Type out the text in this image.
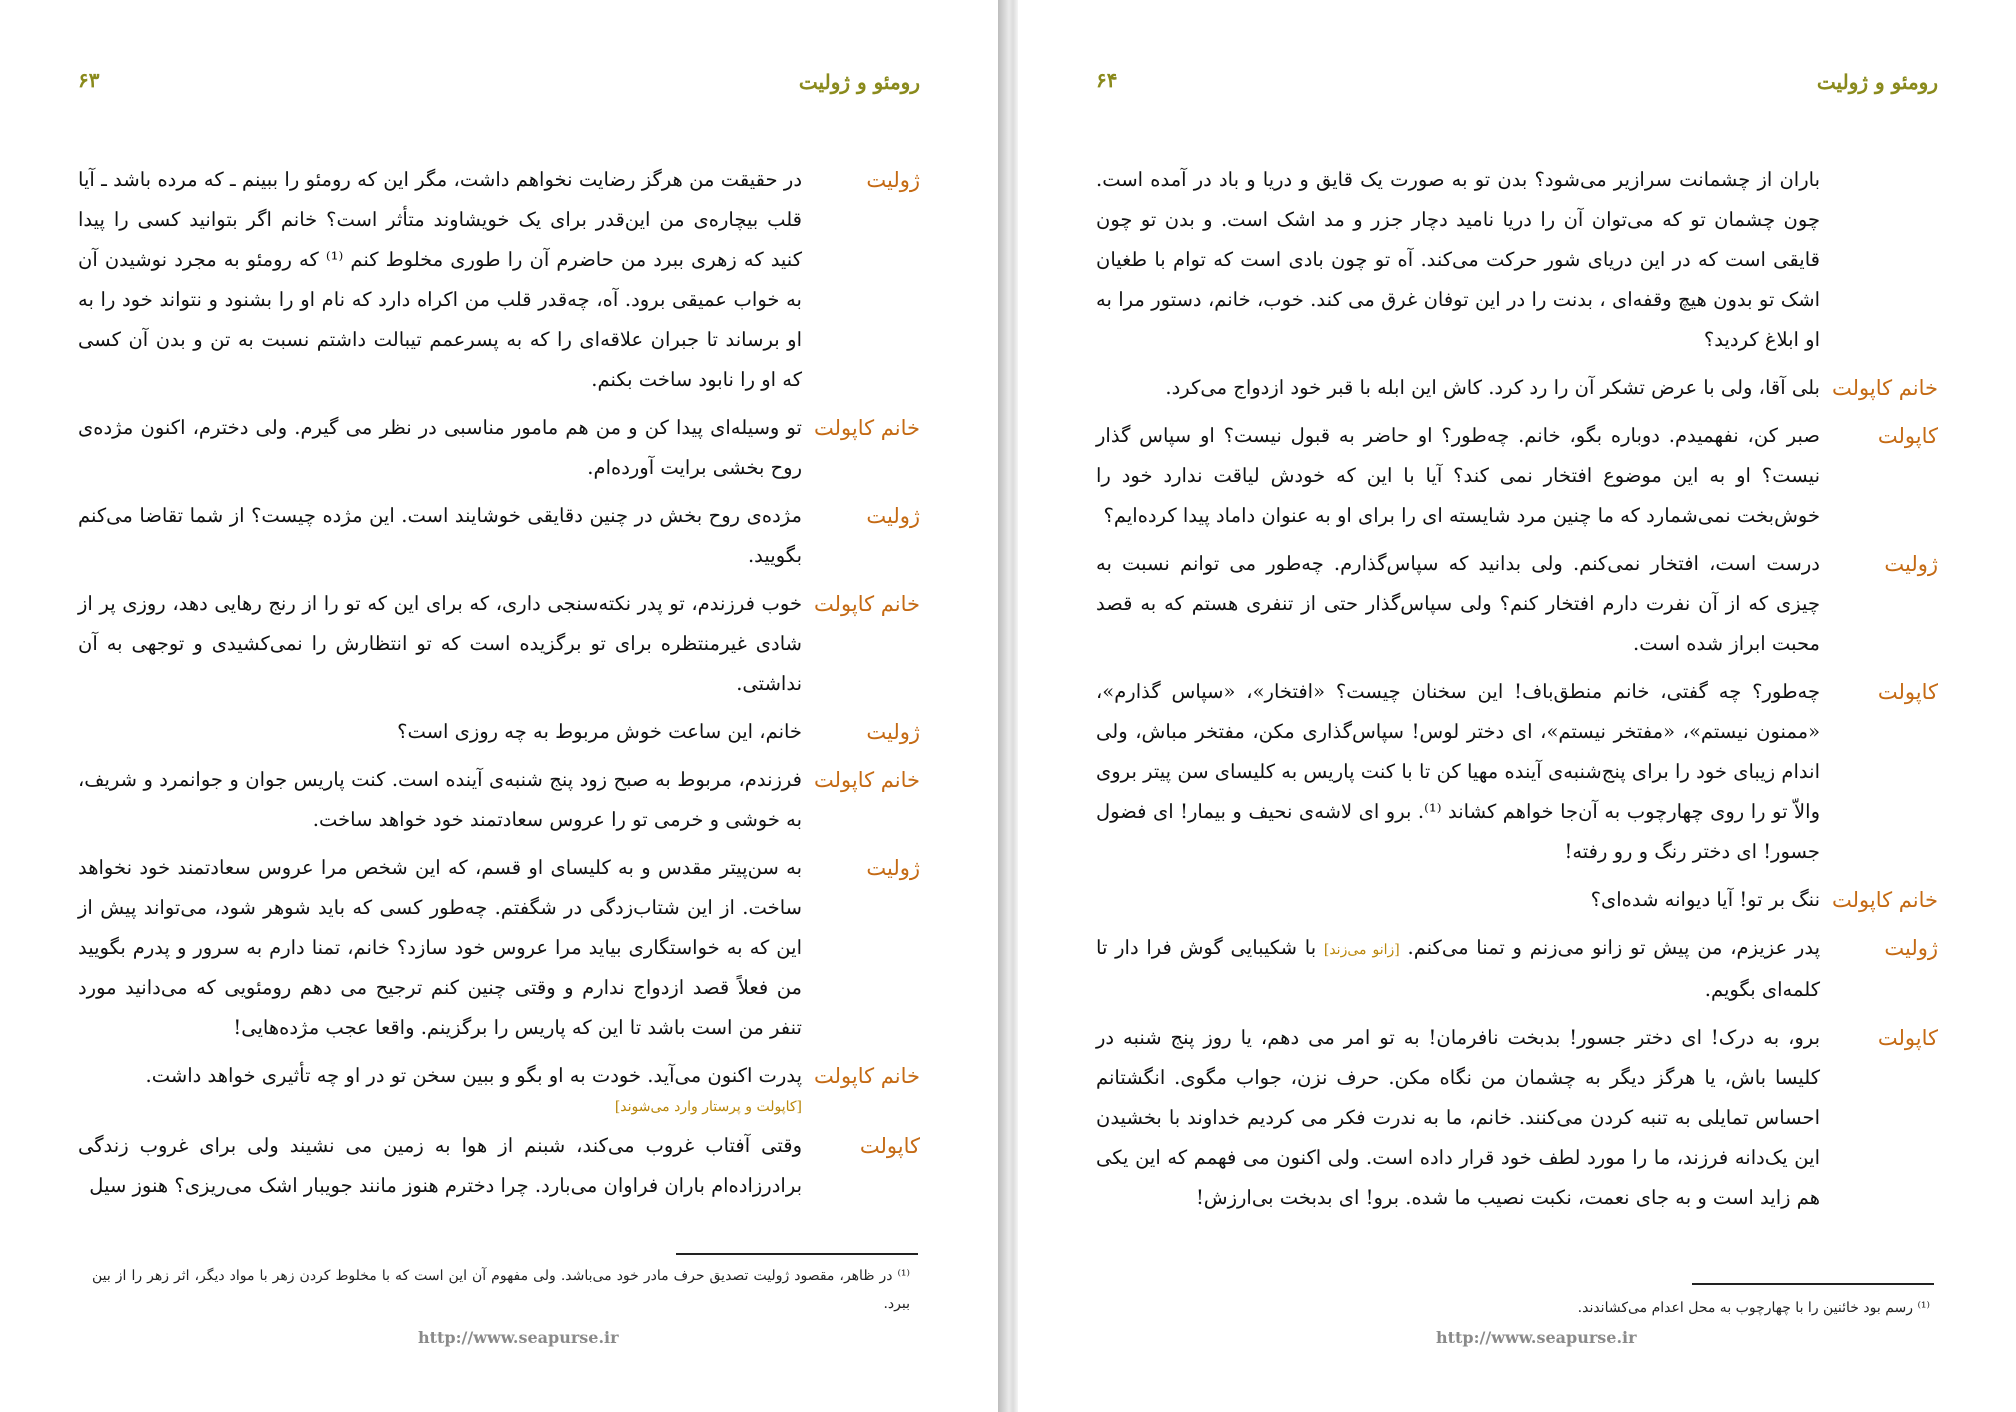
رومئو و ژولیت
۶۳
ژولیت
در حقیقت من هرگز رضایت نخواهم داشت، مگر این که رومئو را ببینم ـ که مرده باشد ـ آیا قلب بیچاره‌ی من این‌قدر برای یک خویشاوند متأثر است؟ خانم اگر بتوانید کسی را پیدا کنید که زهری ببرد من حاضرم آن را طوری مخلوط کنم ⁽¹⁾ که رومئو به مجرد نوشیدن آن به خواب عمیقی برود. آه، چه‌قدر قلب من اکراه دارد که نام او را بشنود و نتواند خود را به او برساند تا جبران علاقه‌ای را که به پسرعمم تیبالت داشتم نسبت به تن و بدن آن کسی که او را نابود ساخت بکنم.
خانم کاپولت
تو وسیله‌ای پیدا کن و من هم مامور مناسبی در نظر می گیرم. ولی دخترم، اکنون مژده‌ی روح بخشی برایت آورده‌ام.
ژولیت
مژده‌ی روح بخش در چنین دقایقی خوشایند است. این مژده چیست؟ از شما تقاضا می‌کنم بگویید.
خانم کاپولت
خوب فرزندم، تو پدر نکته‌سنجی داری، که برای این که تو را از رنج رهایی دهد، روزی پر از شادی غیرمنتظره برای تو برگزیده است که تو انتظارش را نمی‌کشیدی و توجهی به آن نداشتی.
ژولیت
خانم، این ساعت خوش مربوط به چه روزی است؟
خانم کاپولت
فرزندم، مربوط به صبح زود پنج شنبه‌ی آینده است. کنت پاریس جوان و جوانمرد و شریف، به خوشی و خرمی تو را عروس سعادتمند خود خواهد ساخت.
ژولیت
به سن‌پیتر مقدس و به کلیسای او قسم، که این شخص مرا عروس سعادتمند خود نخواهد ساخت. از این شتاب‌زدگی در شگفتم. چه‌طور کسی که باید شوهر شود، می‌تواند پیش از این که به خواستگاری بیاید مرا عروس خود سازد؟ خانم، تمنا دارم به سرور و پدرم بگویید من فعلاً قصد ازدواج ندارم و وقتی چنین کنم ترجیح می دهم رومئویی که می‌دانید مورد تنفر من است باشد تا این که پاریس را برگزینم. واقعا عجب مژده‌هایی!
خانم کاپولت
پدرت اکنون می‌آید. خودت به او بگو و ببین سخن تو در او چه تأثیری خواهد داشت.
[کاپولت و پرستار وارد می‌شوند]
کاپولت
وقتی آفتاب غروب می‌کند، شبنم از هوا به زمین می نشیند ولی برای غروب زندگی برادرزاده‌ام باران فراوان می‌بارد. چرا دخترم هنوز مانند جویبار اشک می‌ریزی؟ هنوز سیل
⁽¹⁾ در ظاهر، مقصود ژولیت تصدیق حرف مادر خود می‌باشد. ولی مفهوم آن این است که با مخلوط کردن زهر با مواد دیگر، اثر زهر را از بین ببرد.
http://www.seapurse.ir
رومئو و ژولیت
۶۴
باران از چشمانت سرازیر می‌شود؟ بدن تو به صورت یک قایق و دریا و باد در آمده است. چون چشمان تو که می‌توان آن را دریا نامید دچار جزر و مد اشک است. و بدن تو چون قایقی است که در این دریای شور حرکت می‌کند. آه تو چون بادی است که توام با طغیان اشک تو بدون هیچ وقفه‌ای ، بدنت را در این توفان غرق می کند. خوب، خانم، دستور مرا به او ابلاغ کردید؟
خانم کاپولت
بلی آقا، ولی با عرض تشکر آن را رد کرد. کاش این ابله با قبر خود ازدواج می‌کرد.
کاپولت
صبر کن، نفهمیدم. دوباره بگو، خانم. چه‌طور؟ او حاضر به قبول نیست؟ او سپاس گذار نیست؟ او به این موضوع افتخار نمی کند؟ آیا با این که خودش لیاقت ندارد خود را خوش‌بخت نمی‌شمارد که ما چنین مرد شایسته ای را برای او به عنوان داماد پیدا کرده‌ایم؟
ژولیت
درست است، افتخار نمی‌کنم. ولی بدانید که سپاس‌گذارم. چه‌طور می توانم نسبت به چیزی که از آن نفرت دارم افتخار کنم؟ ولی سپاس‌گذار حتی از تنفری هستم که به قصد محبت ابراز شده است.
کاپولت
چه‌طور؟ چه گفتی، خانم منطق‌باف! این سخنان چیست؟ «افتخار»، «سپاس گذارم»، «ممنون نیستم»، «مفتخر نیستم»، ای دختر لوس! سپاس‌گذاری مکن، مفتخر مباش، ولی اندام زیبای خود را برای پنج‌شنبه‌ی آینده مهیا کن تا با کنت پاریس به کلیسای سن پیتر بروی والاّ تو را روی چهارچوب به آن‌جا خواهم کشاند ⁽¹⁾. برو ای لاشه‌ی نحیف و بیمار! ای فضول جسور! ای دختر رنگ و رو رفته!
خانم کاپولت
ننگ بر تو! آیا دیوانه شده‌ای؟
ژولیت
پدر عزیزم، من پیش تو زانو می‌زنم و تمنا می‌کنم. [زانو می‌زند] با شکیبایی گوش فرا دار تا کلمه‌ای بگویم.
کاپولت
برو، به درک! ای دختر جسور! بدبخت نافرمان! به تو امر می دهم، یا روز پنج شنبه در کلیسا باش، یا هرگز دیگر به چشمان من نگاه مکن. حرف نزن، جواب مگوی. انگشتانم احساس تمایلی به تنبه کردن می‌کنند. خانم، ما به ندرت فکر می کردیم خداوند با بخشیدن این یک‌دانه فرزند، ما را مورد لطف خود قرار داده است. ولی اکنون می فهمم که این یکی هم زاید است و به جای نعمت، نکبت نصیب ما شده. برو! ای بدبخت بی‌ارزش!
⁽¹⁾ رسم بود خائنین را با چهارچوب به محل اعدام می‌کشاندند.
http://www.seapurse.ir
